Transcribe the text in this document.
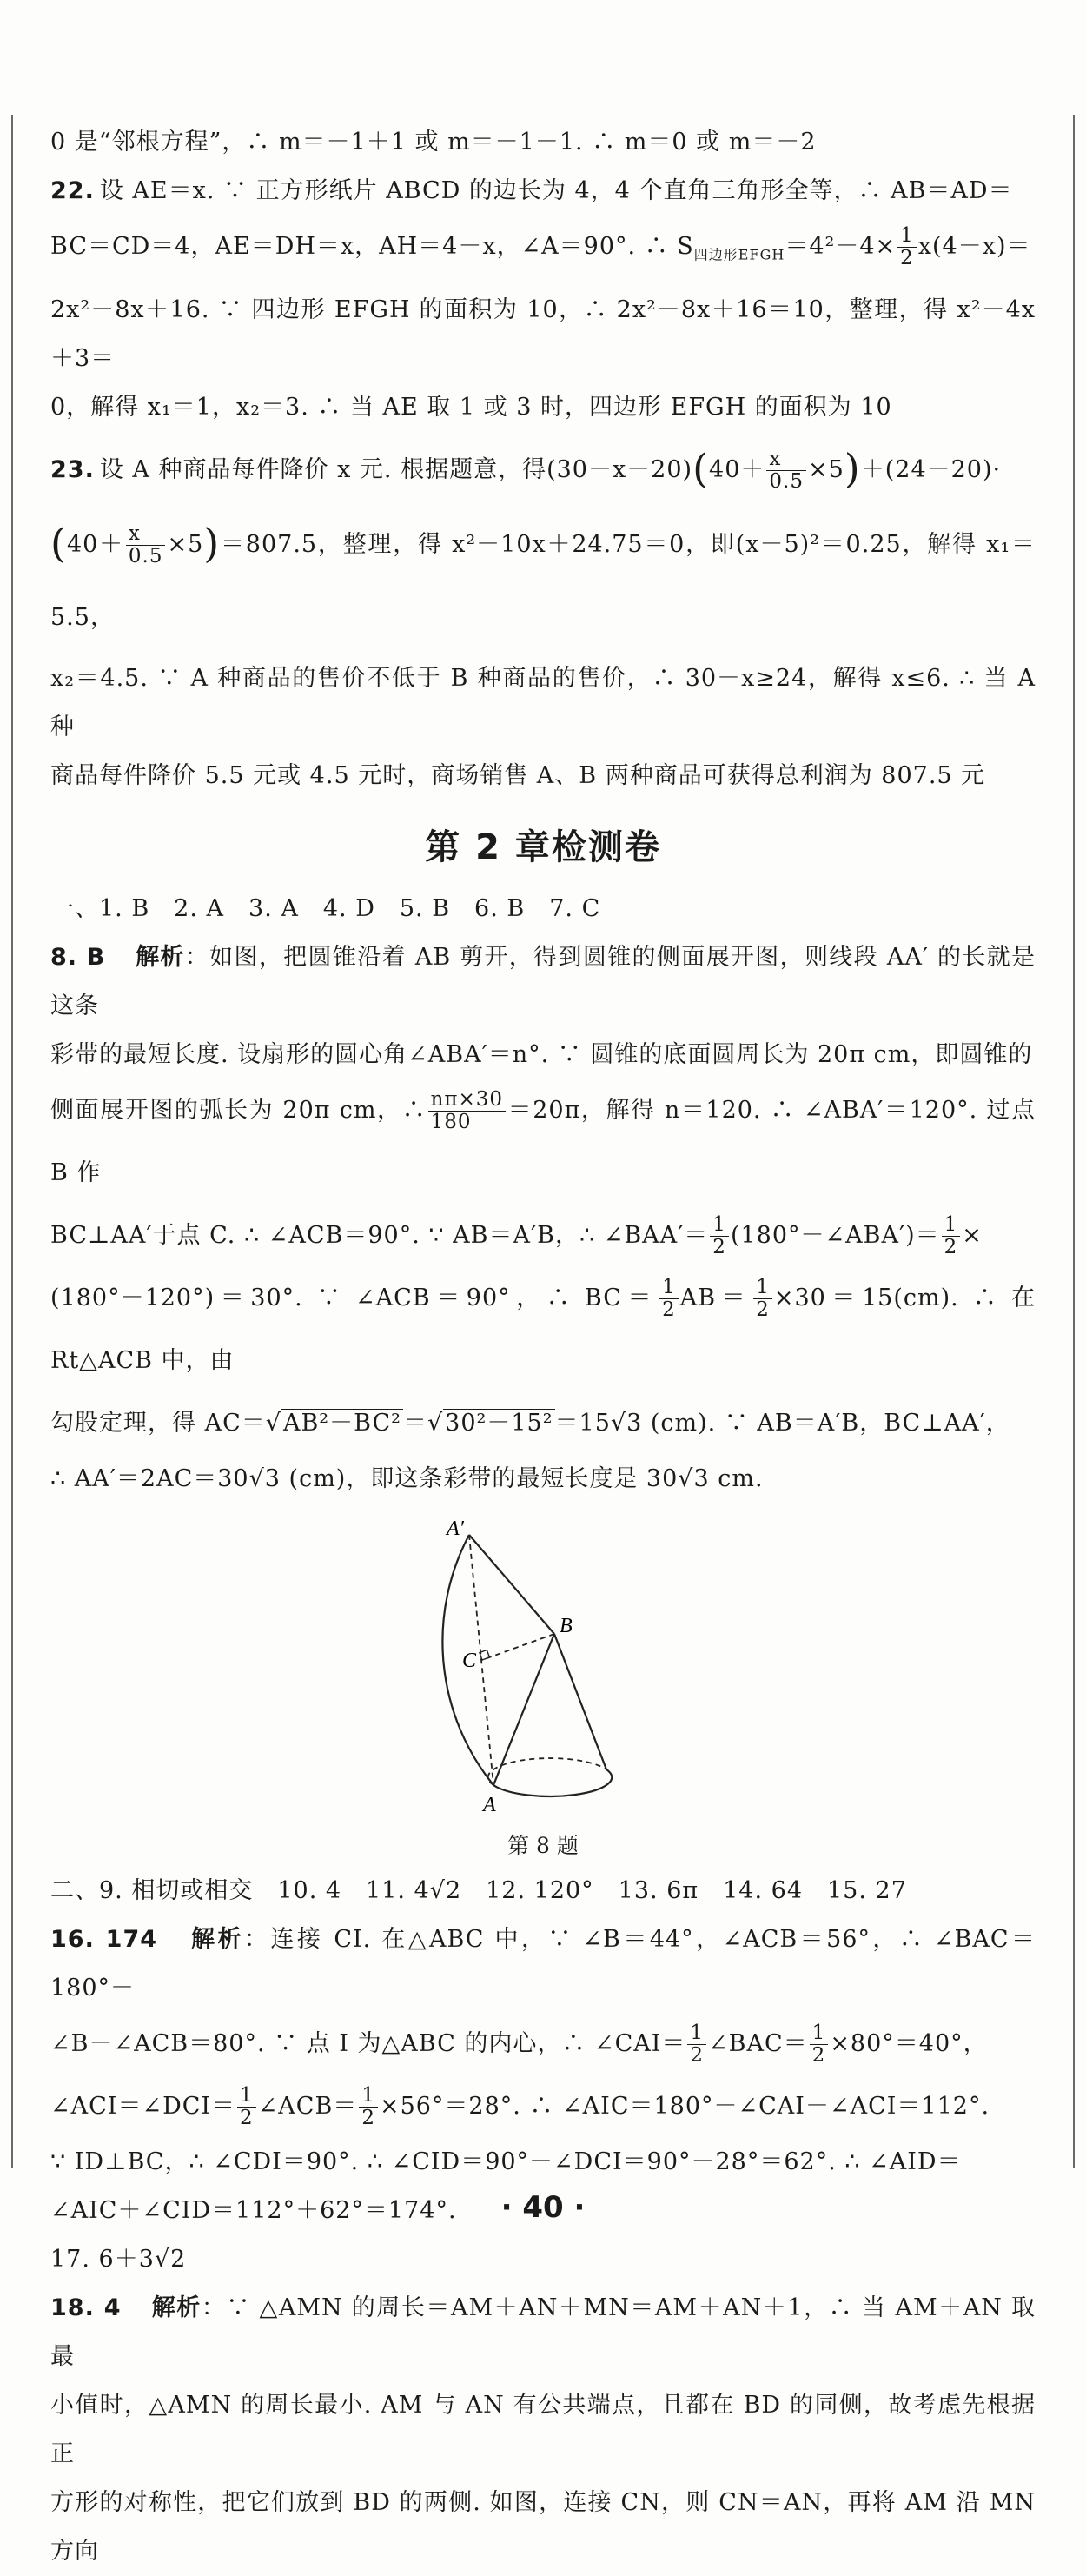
0 是“邻根方程”，∴ m＝－1＋1 或 m＝－1－1. ∴ m＝0 或 m＝－2

22. 设 AE＝x. ∵ 正方形纸片 ABCD 的边长为 4，4 个直角三角形全等，∴ AB＝AD＝

BC＝CD＝4，AE＝DH＝x，AH＝4－x，∠A＝90°. ∴ $S_{四边形EFGH}=4^2-4\times \frac{1}{2} x(4-x)=$

2x²－8x＋16. ∵ 四边形 EFGH 的面积为 10，∴ 2x²－8x＋16＝10，整理，得 x²－4x＋3＝

0，解得 x₁＝1，x₂＝3. ∴ 当 AE 取 1 或 3 时，四边形 EFGH 的面积为 10

23. 设 A 种商品每件降价 x 元. 根据题意，得$(30-x-20)(40+ \frac{x}{0.5} \times 5)+(24-20)\cdot$

$(40+ \frac{x}{0.5} \times 5)=807.5$，整理，得 x²－10x＋24.75＝0，即(x－5)²＝0.25，解得 x₁＝5.5，

x₂＝4.5. ∵ A 种商品的售价不低于 B 种商品的售价，∴ 30－x≥24，解得 x≤6. ∴ 当 A 种

商品每件降价 5.5 元或 4.5 元时，商场销售 A、B 两种商品可获得总利润为 807.5 元

第 2 章检测卷

一、1. B　2. A　3. A　4. D　5. B　6. B　7. C

8. B　 解析：如图，把圆锥沿着 AB 剪开，得到圆锥的侧面展开图，则线段 AA′ 的长就是这条

彩带的最短长度. 设扇形的圆心角∠ABA′＝n°. ∵ 圆锥的底面圆周长为 20π cm，即圆锥的

侧面展开图的弧长为 20π cm，∴ $\frac{n\pi\times 30}{180} =20\pi$，解得 n＝120. ∴ ∠ABA′＝120°. 过点 B 作

BC⊥AA′于点 C. ∴ ∠ACB＝90°. ∵ AB＝A′B，∴ ∠BAA′＝ $\frac{1}{2}$ (180°－∠ABA′)＝ $\frac{1}{2}$ ×

(180°－120°)＝30°. ∵ ∠ACB＝90°，∴ $BC= \frac{1}{2} AB= \frac{1}{2} \times 30=15(cm)$. ∴ 在 Rt△ACB 中，由

勾股定理，得 AC＝√AB²－BC²＝√30²－15²＝15√3 (cm). ∵ AB＝A′B，BC⊥AA′，

∴ AA′＝2AC＝30√3 (cm)，即这条彩带的最短长度是 30√3 cm.

A′
B
C
A
第 8 题

二、9. 相切或相交　10. 4　11. 4√2　12. 120°　13. 6π　14. 64　15. 27

16. 174　 解析：连接 CI. 在△ABC 中，∵ ∠B＝44°，∠ACB＝56°，∴ ∠BAC＝180°－

∠B－∠ACB＝80°. ∵ 点 I 为△ABC 的内心，∴ ∠CAI＝ $\frac{1}{2}$ ∠BAC＝ $\frac{1}{2} \times 80^\circ=40^\circ$，

∠ACI＝∠DCI＝ $\frac{1}{2}$ ∠ACB＝ $\frac{1}{2} \times 56^\circ=28^\circ$. ∴ ∠AIC＝180°－∠CAI－∠ACI＝112°.

∵ ID⊥BC，∴ ∠CDI＝90°. ∴ ∠CID＝90°－∠DCI＝90°－28°＝62°. ∴ ∠AID＝

∠AIC＋∠CID＝112°＋62°＝174°.

17. 6＋3√2

18. 4　 解析：∵ △AMN 的周长＝AM＋AN＋MN＝AM＋AN＋1，∴ 当 AM＋AN 取最

小值时，△AMN 的周长最小. AM 与 AN 有公共端点，且都在 BD 的同侧，故考虑先根据正

方形的对称性，把它们放到 BD 的两侧. 如图，连接 CN，则 CN＝AN，再将 AM 沿 MN 方向

· 40 ·
